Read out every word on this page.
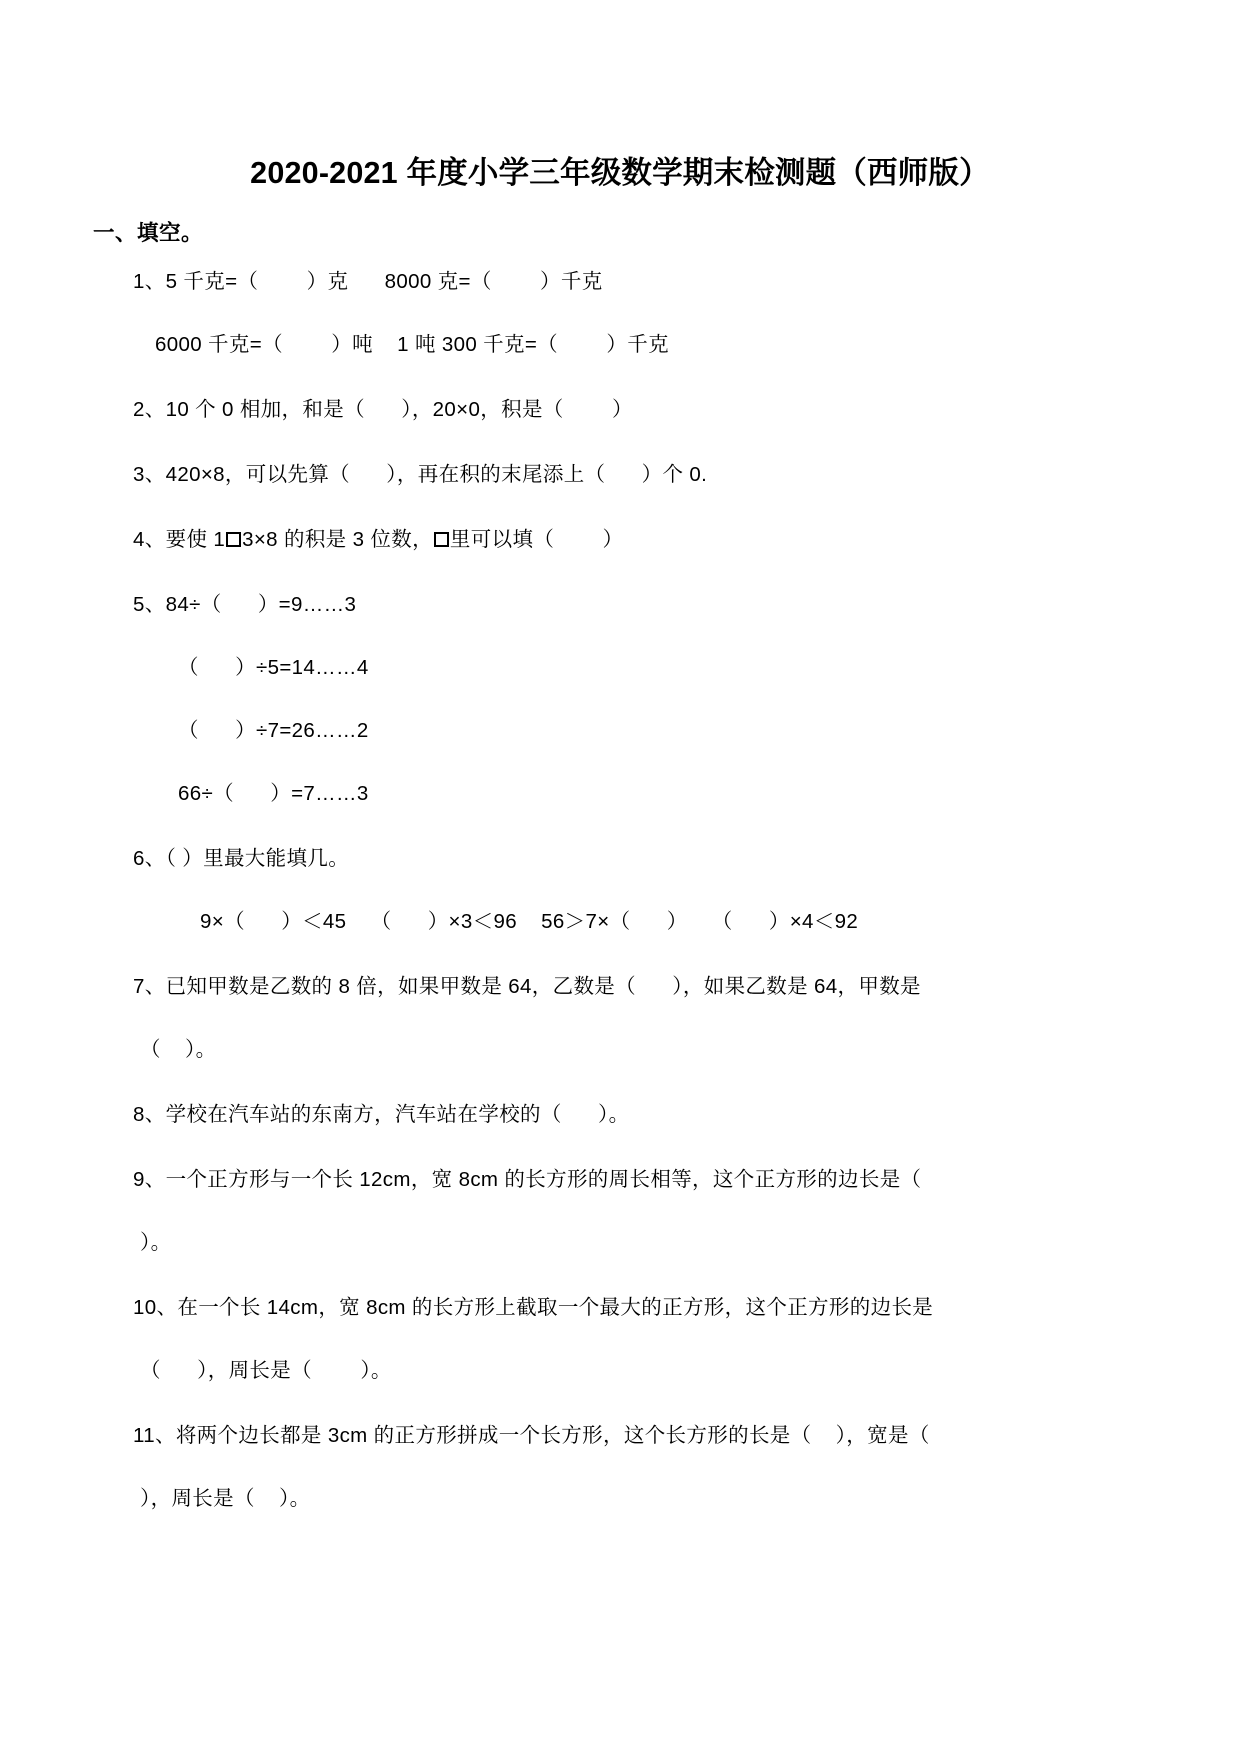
2020-2021 年度小学三年级数学期末检测题（西师版）
一、填空。
1、5 千克=（        ）克      8000 克=（        ）千克
6000 千克=（        ）吨    1 吨 300 千克=（        ）千克
2、10 个 0 相加，和是（      ），20×0，积是（        ）
3、420×8，可以先算（      ），再在积的末尾添上（      ）个 0.
4、要使 1 3×8 的积是 3 位数， 里可以填（        ）
5、84÷（      ）=9……3
（      ）÷5=14……4
（      ）÷7=26……2
66÷（      ）=7……3
6、（ ）里最大能填几。
9×（      ）＜45    （      ）×3＜96    56＞7×（      ）    （      ）×4＜92
7、已知甲数是乙数的 8 倍，如果甲数是 64，乙数是（      ），如果乙数是 64，甲数是
（    ）。
8、学校在汽车站的东南方，汽车站在学校的（      ）。
9、一个正方形与一个长 12cm，宽 8cm 的长方形的周长相等，这个正方形的边长是（
）。
10、在一个长 14cm，宽 8cm 的长方形上截取一个最大的正方形，这个正方形的边长是
（      ），周长是（        ）。
11、将两个边长都是 3cm 的正方形拼成一个长方形，这个长方形的长是（    ），宽是（
），周长是（    ）。
